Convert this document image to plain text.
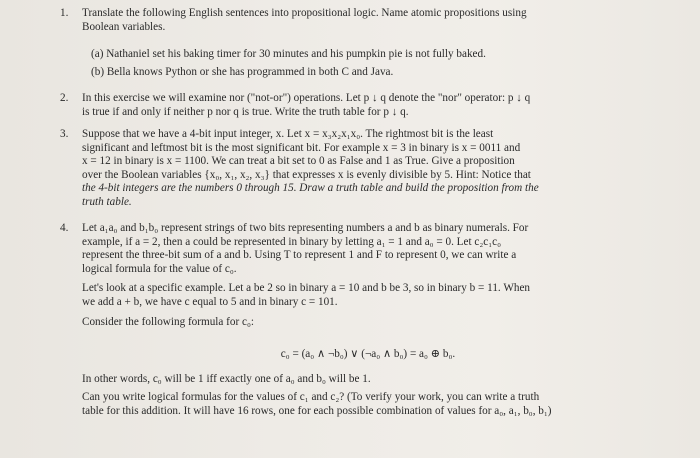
1. Translate the following English sentences into propositional logic. Name atomic propositions using
Boolean variables.
(a) Nathaniel set his baking timer for 30 minutes and his pumpkin pie is not fully baked.
(b) Bella knows Python or she has programmed in both C and Java.
2. In this exercise we will examine nor ("not-or") operations. Let p ↓ q denote the "nor" operator: p ↓ q
is true if and only if neither p nor q is true. Write the truth table for p ↓ q.
3. Suppose that we have a 4-bit input integer, x. Let x = x₃x₂x₁x₀. The rightmost bit is the least
significant and leftmost bit is the most significant bit. For example x = 3 in binary is x = 0011 and
x = 12 in binary is x = 1100. We can treat a bit set to 0 as False and 1 as True. Give a proposition
over the Boolean variables {x₀, x₁, x₂, x₃} that expresses x is evenly divisible by 5. Hint: Notice that
the 4-bit integers are the numbers 0 through 15. Draw a truth table and build the proposition from the
truth table.
4. Let a₁a₀ and b₁b₀ represent strings of two bits representing numbers a and b as binary numerals. For
example, if a = 2, then a could be represented in binary by letting a₁ = 1 and a₀ = 0. Let c₂c₁c₀
represent the three-bit sum of a and b. Using T to represent 1 and F to represent 0, we can write a
logical formula for the value of c₀.
Let's look at a specific example. Let a be 2 so in binary a = 10 and b be 3, so in binary b = 11. When
we add a + b, we have c equal to 5 and in binary c = 101.
Consider the following formula for c₀:
c₀ = (a₀ ∧ ¬b₀) ∨ (¬a₀ ∧ b₀) = a₀ ⊕ b₀.
In other words, c₀ will be 1 iff exactly one of a₀ and b₀ will be 1.
Can you write logical formulas for the values of c₁ and c₂? (To verify your work, you can write a truth
table for this addition. It will have 16 rows, one for each possible combination of values for a₀, a₁, b₀, b₁)
